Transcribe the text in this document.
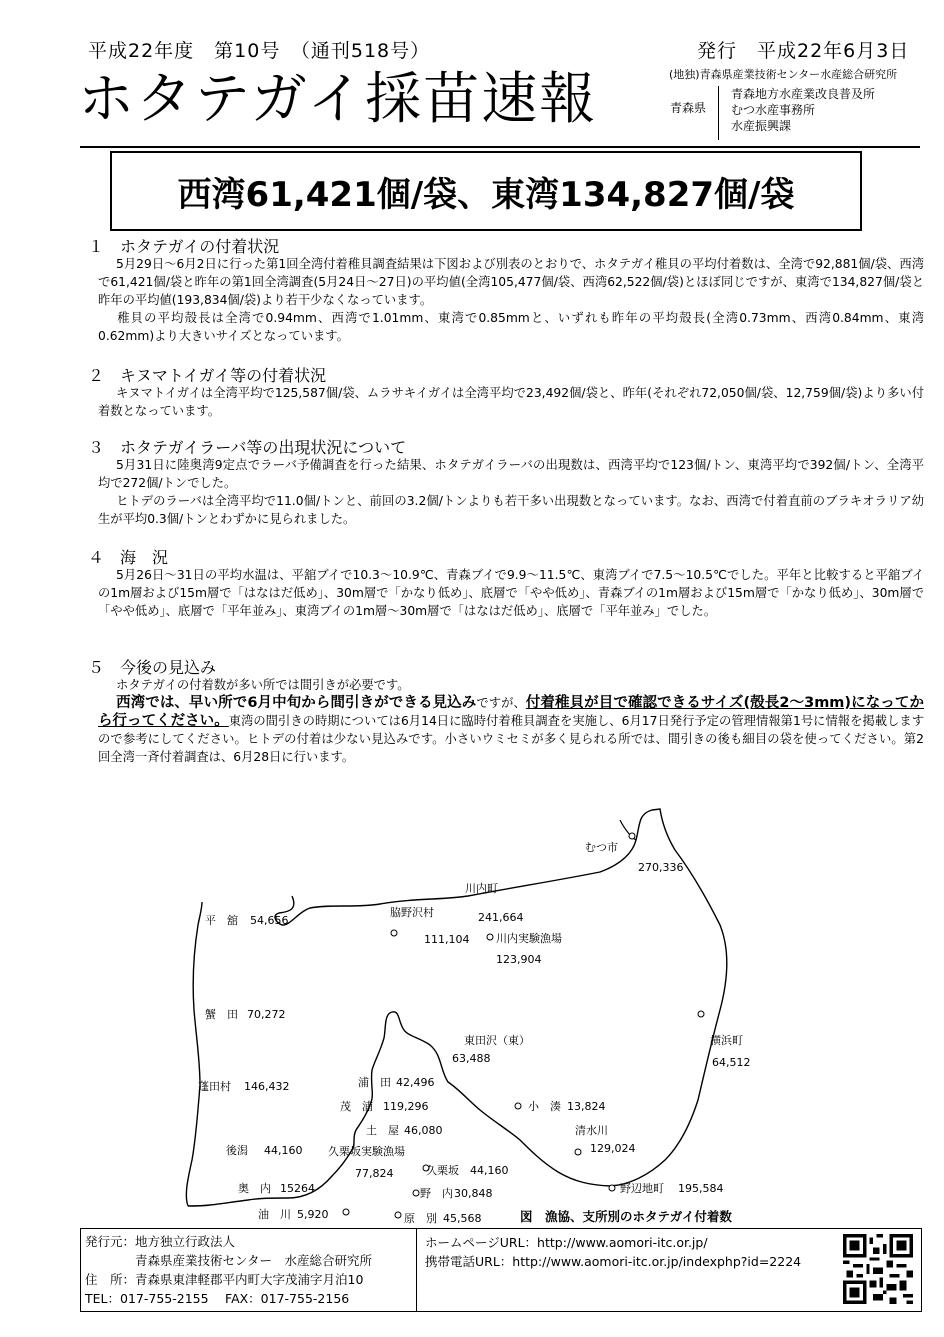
平成22年度　第10号　（通刊518号）	発行　平成22年6月3日
(地独)青森県産業技術センター水産総合研究所
ホタテガイ採苗速報	青森県
青森地方水産業改良普及所
むつ水産事務所
水産振興課
西湾61,421個/袋、東湾134,827個/袋
１　ホタテガイの付着状況
5月29日～6月2日に行った第1回全湾付着稚貝調査結果は下図および別表のとおりで、ホタテガイ稚貝の平均付着数は、全湾で92,881個/袋、西湾で61,421個/袋と昨年の第1回全湾調査(5月24日～27日)の平均値(全湾105,477個/袋、西湾62,522個/袋)とほぼ同じですが、東湾で134,827個/袋と昨年の平均値(193,834個/袋)より若干少なくなっています。
稚貝の平均殻長は全湾で0.94mm、西湾で1.01mm、東湾で0.85mmと、いずれも昨年の平均殻長(全湾0.73mm、西湾0.84mm、東湾0.62mm)より大きいサイズとなっています。
２　キヌマトイガイ等の付着状況
キヌマトイガイは全湾平均で125,587個/袋、ムラサキイガイは全湾平均で23,492個/袋と、昨年(それぞれ72,050個/袋、12,759個/袋)より多い付着数となっています。
３　ホタテガイラーバ等の出現状況について
5月31日に陸奥湾9定点でラーバ予備調査を行った結果、ホタテガイラーバの出現数は、西湾平均で123個/トン、東湾平均で392個/トン、全湾平均で272個/トンでした。
ヒトデのラーバは全湾平均で11.0個/トンと、前回の3.2個/トンよりも若干多い出現数となっています。なお、西湾で付着直前のブラキオラリア幼生が平均0.3個/トンとわずかに見られました。
４　海　況
5月26日～31日の平均水温は、平舘ブイで10.3～10.9℃、青森ブイで9.9～11.5℃、東湾ブイで7.5～10.5℃でした。平年と比較すると平舘ブイの1m層および15m層で「はなはだ低め」、30m層で「かなり低め」、底層で「やや低め」、青森ブイの1m層および15m層で「かなり低め」、30m層で「やや低め」、底層で「平年並み」、東湾ブイの1m層～30m層で「はなはだ低め」、底層で「平年並み」でした。
５　今後の見込み
ホタテガイの付着数が多い所では間引きが必要です。
西湾では、早い所で6月中旬から間引きができる見込みですが、付着稚貝が目で確認できるサイズ(殻長2～3mm)になってから行ってください。東湾の間引きの時期については6月14日に臨時付着稚貝調査を実施し、6月17日発行予定の管理情報第1号に情報を掲載しますので参考にしてください。ヒトデの付着は少ない見込みです。小さいウミセミが多く見られる所では、間引きの後も細目の袋を使ってください。第2回全湾一斉付着調査は、6月28日に行います。
むつ市
270,336
川内町
241,664
脇野沢村
111,104 川内実験漁場
123,904
平　舘 54,656
蟹　田 70,272
横浜町
64,512
東田沢（東）
63,488
蓬田村 146,432	浦　田 42,496
茂　浦 119,296	小　湊 13,824
土　屋 46,080	清水川
129,024
後潟 44,160 久栗坂実験漁場
77,824	久栗坂 44,160
奥　内 15264	野辺地町 195,584
野　内 30,848
油　川 5,920	原　別 45,568	図　漁協、支所別のホタテガイ付着数
発行元：地方独立行政法人
　　　　青森県産業技術センター　水産総合研究所
住　所：青森県東津軽郡平内町大字茂浦字月泊10
TEL：017-755-2155　 FAX：017-755-2156
ホームページURL：http://www.aomori-itc.or.jp/
携帯電話URL：http://www.aomori-itc.or.jp/indexphp?id=2224
